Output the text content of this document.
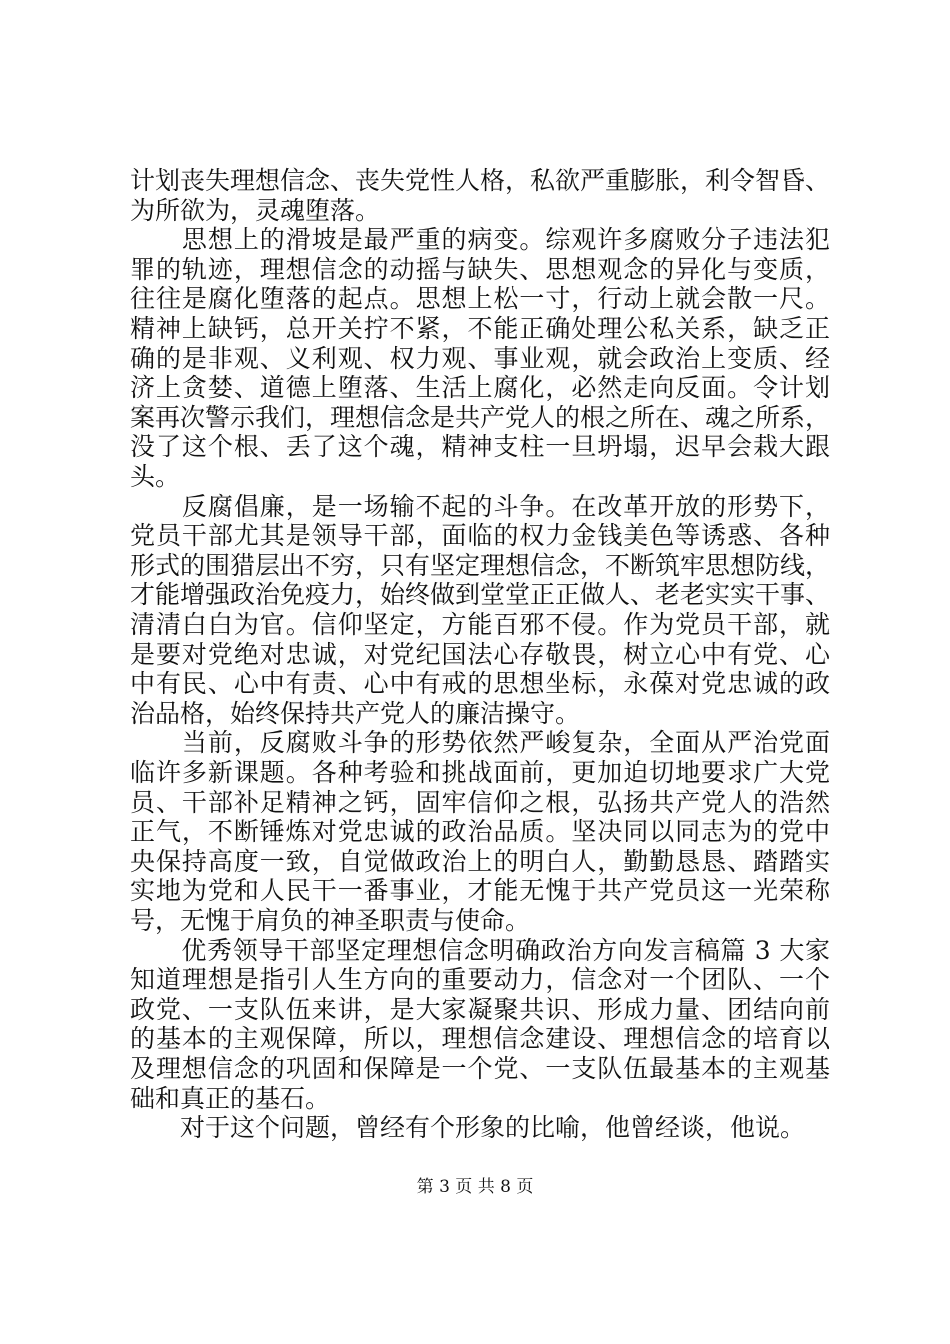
计划丧失理想信念、丧失党性人格，私欲严重膨胀，利令智昏、
为所欲为，灵魂堕落。
　　思想上的滑坡是最严重的病变。综观许多腐败分子违法犯
罪的轨迹，理想信念的动摇与缺失、思想观念的异化与变质，
往往是腐化堕落的起点。思想上松一寸，行动上就会散一尺。
精神上缺钙，总开关拧不紧，不能正确处理公私关系，缺乏正
确的是非观、义利观、权力观、事业观，就会政治上变质、经
济上贪婪、道德上堕落、生活上腐化，必然走向反面。令计划
案再次警示我们，理想信念是共产党人的根之所在、魂之所系，
没了这个根、丢了这个魂，精神支柱一旦坍塌，迟早会栽大跟
头。
　　反腐倡廉，是一场输不起的斗争。在改革开放的形势下，
党员干部尤其是领导干部，面临的权力金钱美色等诱惑、各种
形式的围猎层出不穷，只有坚定理想信念，不断筑牢思想防线，
才能增强政治免疫力，始终做到堂堂正正做人、老老实实干事、
清清白白为官。信仰坚定，方能百邪不侵。作为党员干部，就
是要对党绝对忠诚，对党纪国法心存敬畏，树立心中有党、心
中有民、心中有责、心中有戒的思想坐标，永葆对党忠诚的政
治品格，始终保持共产党人的廉洁操守。
　　当前，反腐败斗争的形势依然严峻复杂，全面从严治党面
临许多新课题。各种考验和挑战面前，更加迫切地要求广大党
员、干部补足精神之钙，固牢信仰之根，弘扬共产党人的浩然
正气，不断锤炼对党忠诚的政治品质。坚决同以同志为的党中
央保持高度一致，自觉做政治上的明白人，勤勤恳恳、踏踏实
实地为党和人民干一番事业，才能无愧于共产党员这一光荣称
号，无愧于肩负的神圣职责与使命。
　　优秀领导干部坚定理想信念明确政治方向发言稿篇 3 大家
知道理想是指引人生方向的重要动力，信念对一个团队、一个
政党、一支队伍来讲，是大家凝聚共识、形成力量、团结向前
的基本的主观保障，所以，理想信念建设、理想信念的培育以
及理想信念的巩固和保障是一个党、一支队伍最基本的主观基
础和真正的基石。
　　对于这个问题，曾经有个形象的比喻，他曾经谈，他说。
第 3 页 共 8 页
